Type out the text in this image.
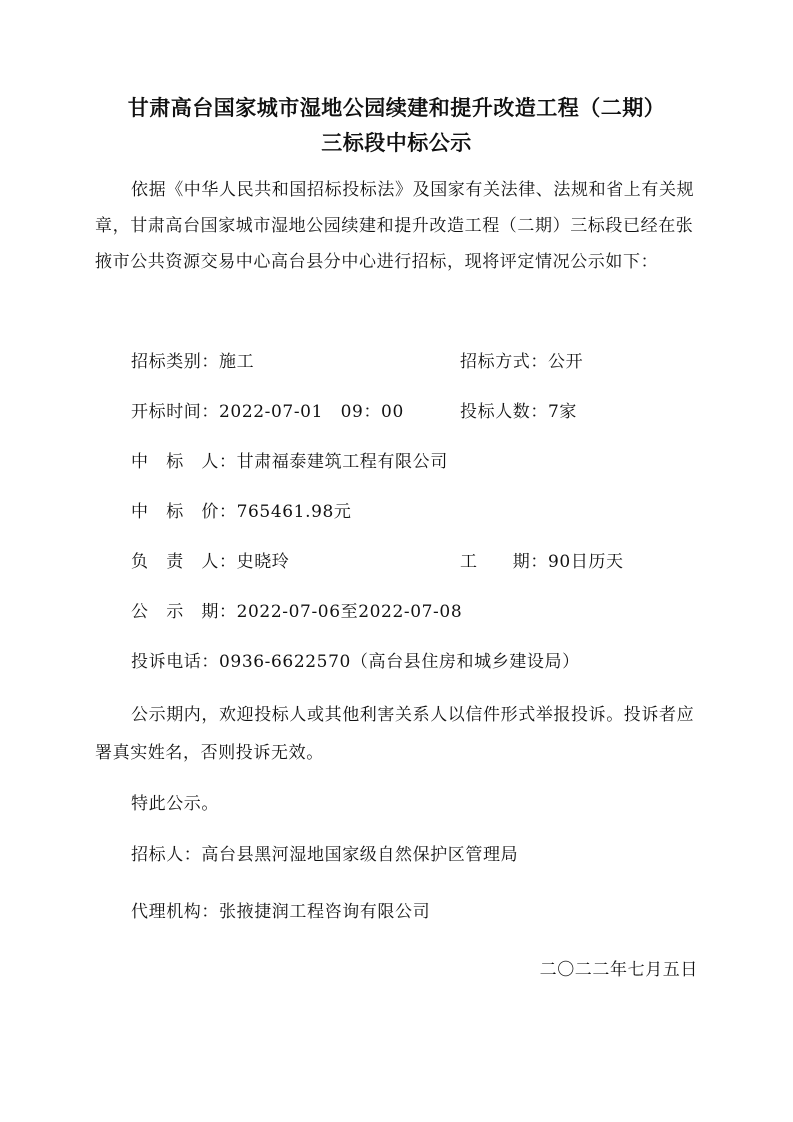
甘肃高台国家城市湿地公园续建和提升改造工程（二期）
三标段中标公示
依据《中华人民共和国招标投标法》及国家有关法律、法规和省上有关规章，甘肃高台国家城市湿地公园续建和提升改造工程（二期）三标段已经在张掖市公共资源交易中心高台县分中心进行招标，现将评定情况公示如下：
招标类别：施工	招标方式：公开
开标时间：2022-07-01　09：00	投标人数：7家
中　标　人：甘肃福泰建筑工程有限公司
中　标　价：765461.98元
负　责　人：史晓玲	工　　期：90日历天
公　示　期：2022-07-06至2022-07-08
投诉电话：0936-6622570（高台县住房和城乡建设局）
公示期内，欢迎投标人或其他利害关系人以信件形式举报投诉。投诉者应署真实姓名，否则投诉无效。
特此公示。
招标人：高台县黑河湿地国家级自然保护区管理局
代理机构：张掖捷润工程咨询有限公司
二〇二二年七月五日
